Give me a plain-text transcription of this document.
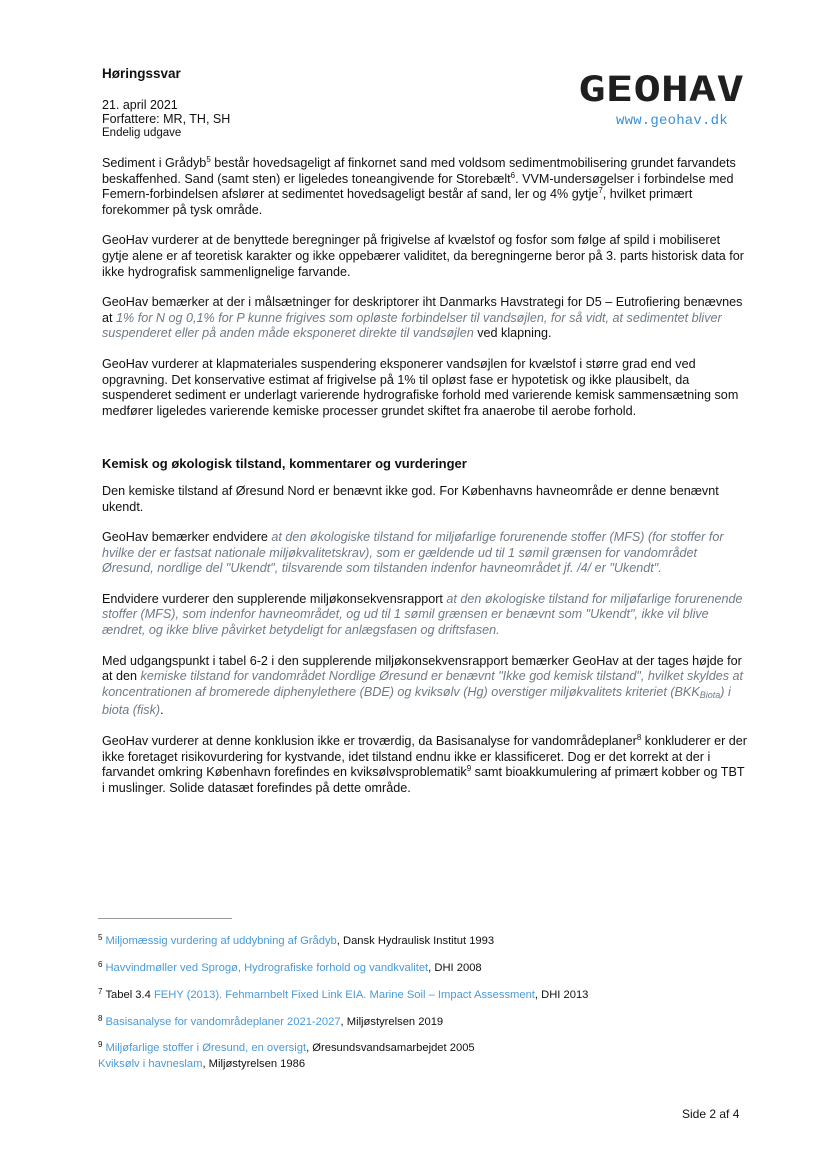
Høringssvar
21. april 2021
Forfattere: MR, TH, SH
Endelig udgave
GEOHAV
www.geohav.dk

Sediment i Grådyb$^5$ består hovedsageligt af finkornet sand med voldsom sedimentmobilisering grundet farvandets beskaffenhed. Sand (samt sten) er ligeledes toneangivende for Storebælt$^6$. VVM-undersøgelser i forbindelse med Femern-forbindelsen afslører at sedimentet hovedsageligt består af sand, ler og 4% gytje$^7$, hvilket primært forekommer på tysk område.

GeoHav vurderer at de benyttede beregninger på frigivelse af kvælstof og fosfor som følge af spild i mobiliseret gytje alene er af teoretisk karakter og ikke oppebærer validitet, da beregningerne beror på 3. parts historisk data for ikke hydrografisk sammenlignelige farvande.

GeoHav bemærker at der i målsætninger for deskriptorer iht Danmarks Havstrategi for D5 – Eutrofiering benævnes at 1% for N og 0,1% for P kunne frigives som opløste forbindelser til vandsøjlen, for så vidt, at sedimentet bliver suspenderet eller på anden måde eksponeret direkte til vandsøjlen ved klapning.

GeoHav vurderer at klapmateriales suspendering eksponerer vandsøjlen for kvælstof i større grad end ved opgravning. Det konservative estimat af frigivelse på 1% til opløst fase er hypotetisk og ikke plausibelt, da suspenderet sediment er underlagt varierende hydrografiske forhold med varierende kemisk sammensætning som medfører ligeledes varierende kemiske processer grundet skiftet fra anaerobe til aerobe forhold.

Kemisk og økologisk tilstand, kommentarer og vurderinger

Den kemiske tilstand af Øresund Nord er benævnt ikke god. For Københavns havneområde er denne benævnt ukendt.

GeoHav bemærker endvidere at den økologiske tilstand for miljøfarlige forurenende stoffer (MFS) (for stoffer for hvilke der er fastsat nationale miljøkvalitetskrav), som er gældende ud til 1 sømil grænsen for vandområdet Øresund, nordlige del "Ukendt", tilsvarende som tilstanden indenfor havneområdet jf. /4/ er "Ukendt".

Endvidere vurderer den supplerende miljøkonsekvensrapport at den økologiske tilstand for miljøfarlige forurenende stoffer (MFS), som indenfor havneområdet, og ud til 1 sømil grænsen er benævnt som "Ukendt", ikke vil blive ændret, og ikke blive påvirket betydeligt for anlægsfasen og driftsfasen.

Med udgangspunkt i tabel 6-2 i den supplerende miljøkonsekvensrapport bemærker GeoHav at der tages højde for at den kemiske tilstand for vandområdet Nordlige Øresund er benævnt "Ikke god kemisk tilstand", hvilket skyldes at koncentrationen af bromerede diphenylethere (BDE) og kviksølv (Hg) overstiger miljøkvalitets kriteriet $(BKK_{Biota})$ i biota (fisk).

GeoHav vurderer at denne konklusion ikke er troværdig, da Basisanalyse for vandområdeplaner$^8$ konkluderer er der ikke foretaget risikovurdering for kystvande, idet tilstand endnu ikke er klassificeret. Dog er det korrekt at der i farvandet omkring København forefindes en kviksølvsproblematik$^9$ samt bioakkumulering af primært kobber og TBT i muslinger. Solide datasæt forefindes på dette område.

$^5$ Miljomæssig vurdering af uddybning af Grådyb, Dansk Hydraulisk Institut 1993
$^6$ Havvindmøller ved Sprogø, Hydrografiske forhold og vandkvalitet, DHI 2008
$^7$ Tabel 3.4 FEHY (2013). Fehmarnbelt Fixed Link EIA. Marine Soil – Impact Assessment, DHI 2013
$^8$ Basisanalyse for vandområdeplaner 2021-2027, Miljøstyrelsen 2019
$^9$ Miljøfarlige stoffer i Øresund, en oversigt, Øresundsvandsamarbejdet 2005
Kviksølv i havneslam, Miljøstyrelsen 1986
Side 2 af 4
